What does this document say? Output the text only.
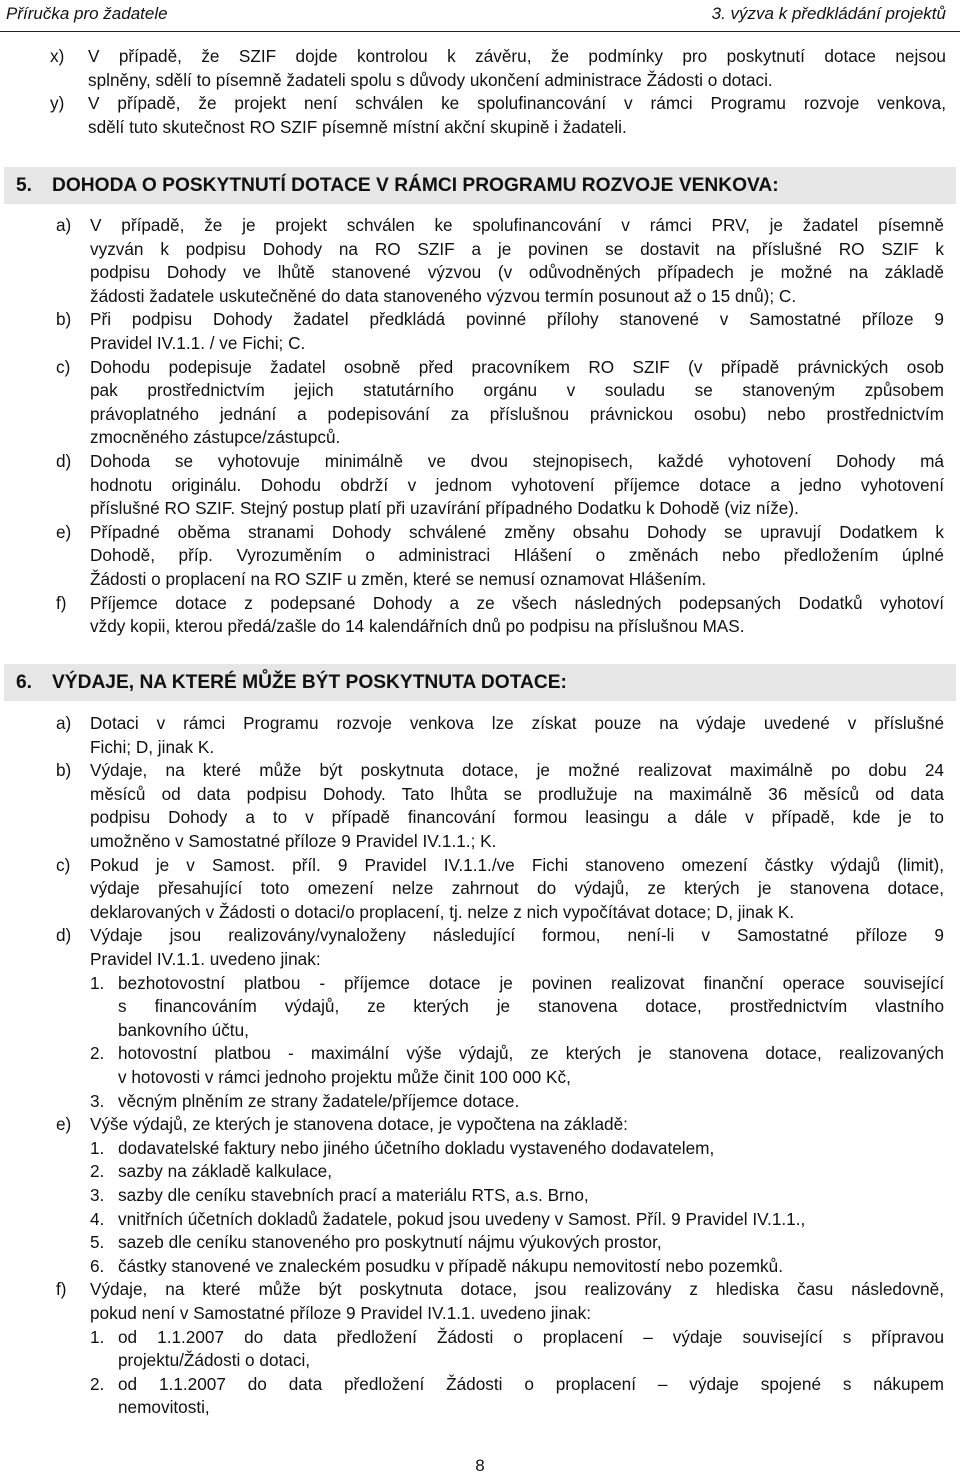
Příručka pro žadatele	3. výzva k předkládání projektů
x) V případě, že SZIF dojde kontrolou k závěru, že podmínky pro poskytnutí dotace nejsou
splněny, sdělí to písemně žadateli spolu s důvody ukončení administrace Žádosti o dotaci.
y) V případě, že projekt není schválen ke spolufinancování v rámci Programu rozvoje venkova,
sdělí tuto skutečnost RO SZIF písemně místní akční skupině i žadateli.
5. DOHODA O POSKYTNUTÍ DOTACE V RÁMCI PROGRAMU ROZVOJE VENKOVA:
a) V případě, že je projekt schválen ke spolufinancování v rámci PRV, je žadatel písemně
vyzván k podpisu Dohody na RO SZIF a je povinen se dostavit na příslušné RO SZIF k
podpisu Dohody ve lhůtě stanovené výzvou (v odůvodněných případech je možné na základě
žádosti žadatele uskutečněné do data stanoveného výzvou termín posunout až o 15 dnů); C.
b) Při podpisu Dohody žadatel předkládá povinné přílohy stanovené v Samostatné příloze 9
Pravidel IV.1.1. / ve Fichi; C.
c) Dohodu podepisuje žadatel osobně před pracovníkem RO SZIF (v případě právnických osob
pak prostřednictvím jejich statutárního orgánu v souladu se stanoveným způsobem
právoplatného jednání a podepisování za příslušnou právnickou osobu) nebo prostřednictvím
zmocněného zástupce/zástupců.
d) Dohoda se vyhotovuje minimálně ve dvou stejnopisech, každé vyhotovení Dohody má
hodnotu originálu. Dohodu obdrží v jednom vyhotovení příjemce dotace a jedno vyhotovení
příslušné RO SZIF. Stejný postup platí při uzavírání případného Dodatku k Dohodě (viz níže).
e) Případné oběma stranami Dohody schválené změny obsahu Dohody se upravují Dodatkem k
Dohodě, příp. Vyrozuměním o administraci Hlášení o změnách nebo předložením úplné
Žádosti o proplacení na RO SZIF u změn, které se nemusí oznamovat Hlášením.
f) Příjemce dotace z podepsané Dohody a ze všech následných podepsaných Dodatků vyhotoví
vždy kopii, kterou předá/zašle do 14 kalendářních dnů po podpisu na příslušnou MAS.
6. VÝDAJE, NA KTERÉ MŮŽE BÝT POSKYTNUTA DOTACE:
a) Dotaci v rámci Programu rozvoje venkova lze získat pouze na výdaje uvedené v příslušné
Fichi; D, jinak K.
b) Výdaje, na které může být poskytnuta dotace, je možné realizovat maximálně po dobu 24
měsíců od data podpisu Dohody. Tato lhůta se prodlužuje na maximálně 36 měsíců od data
podpisu Dohody a to v případě financování formou leasingu a dále v případě, kde je to
umožněno v Samostatné příloze 9 Pravidel IV.1.1.; K.
c) Pokud je v Samost. příl. 9 Pravidel IV.1.1./ve Fichi stanoveno omezení částky výdajů (limit),
výdaje přesahující toto omezení nelze zahrnout do výdajů, ze kterých je stanovena dotace,
deklarovaných v Žádosti o dotaci/o proplacení, tj. nelze z nich vypočítávat dotace; D, jinak K.
d) Výdaje jsou realizovány/vynaloženy následující formou, není-li v Samostatné příloze 9
Pravidel IV.1.1. uvedeno jinak:
1. bezhotovostní platbou - příjemce dotace je povinen realizovat finanční operace související
s financováním výdajů, ze kterých je stanovena dotace, prostřednictvím vlastního
bankovního účtu,
2. hotovostní platbou - maximální výše výdajů, ze kterých je stanovena dotace, realizovaných
v hotovosti v rámci jednoho projektu může činit 100 000 Kč,
3. věcným plněním ze strany žadatele/příjemce dotace.
e) Výše výdajů, ze kterých je stanovena dotace, je vypočtena na základě:
1. dodavatelské faktury nebo jiného účetního dokladu vystaveného dodavatelem,
2. sazby na základě kalkulace,
3. sazby dle ceníku stavebních prací a materiálu RTS, a.s. Brno,
4. vnitřních účetních dokladů žadatele, pokud jsou uvedeny v Samost. Příl. 9 Pravidel IV.1.1.,
5. sazeb dle ceníku stanoveného pro poskytnutí nájmu výukových prostor,
6. částky stanovené ve znaleckém posudku v případě nákupu nemovitostí nebo pozemků.
f) Výdaje, na které může být poskytnuta dotace, jsou realizovány z hlediska času následovně,
pokud není v Samostatné příloze 9 Pravidel IV.1.1. uvedeno jinak:
1. od 1.1.2007 do data předložení Žádosti o proplacení – výdaje související s přípravou
projektu/Žádosti o dotaci,
2. od 1.1.2007 do data předložení Žádosti o proplacení – výdaje spojené s nákupem
nemovitosti,
8
